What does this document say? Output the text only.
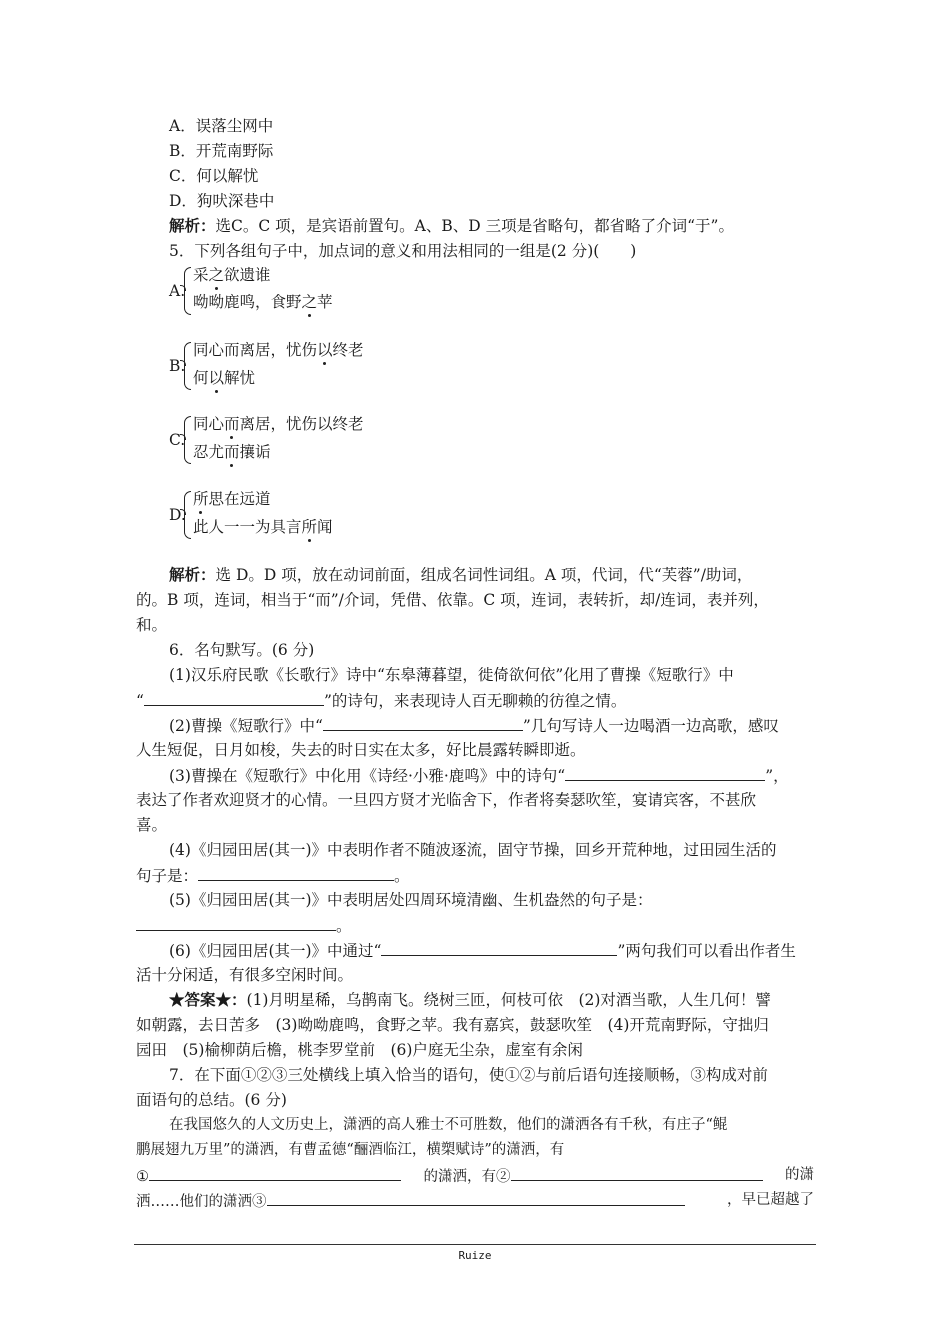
A．误落尘网中
B．开荒南野际
C．何以解忧
D．狗吠深巷中
解析：选C。C 项，是宾语前置句。A、B、D 三项是省略句，都省略了介词“于”。
5．下列各组句子中，加点词的意义和用法相同的一组是(2 分)(　　)
A.
采之欲遗谁
呦呦鹿鸣，食野之苹
B.
同心而离居，忧伤以终老
何以解忧
C.
同心而离居，忧伤以终老
忍尤而攘诟
D.
所思在远道
此人一一为具言所闻
解析：选 D。D 项，放在动词前面，组成名词性词组。A 项，代词，代“芙蓉”/助词，
的。B 项，连词，相当于“而”/介词，凭借、依靠。C 项，连词，表转折，却/连词，表并列，
和。
6．名句默写。(6 分)
(1)汉乐府民歌《长歌行》诗中“东皋薄暮望，徙倚欲何依”化用了曹操《短歌行》中
“	”的诗句，来表现诗人百无聊赖的彷徨之情。
(2)曹操《短歌行》中“	”几句写诗人一边喝酒一边高歌，感叹
人生短促，日月如梭，失去的时日实在太多，好比晨露转瞬即逝。
(3)曹操在《短歌行》中化用《诗经·小雅·鹿鸣》中的诗句“	”，
表达了作者欢迎贤才的心情。一旦四方贤才光临舍下，作者将奏瑟吹笙，宴请宾客，不甚欣
喜。
(4)《归园田居(其一)》中表明作者不随波逐流，固守节操，回乡开荒种地，过田园生活的
句子是：	。
(5)《归园田居(其一)》中表明居处四周环境清幽、生机盎然的句子是：
。
(6)《归园田居(其一)》中通过“	”两句我们可以看出作者生
活十分闲适，有很多空闲时间。
★答案★：(1)月明星稀，乌鹊南飞。绕树三匝，何枝可依　(2)对酒当歌，人生几何！譬
如朝露，去日苦多　(3)呦呦鹿鸣，食野之苹。我有嘉宾，鼓瑟吹笙　(4)开荒南野际，守拙归
园田　(5)榆柳荫后檐，桃李罗堂前　(6)户庭无尘杂，虚室有余闲
7．在下面①②③三处横线上填入恰当的语句，使①②与前后语句连接顺畅，③构成对前
面语句的总结。(6 分)
在我国悠久的人文历史上，潇洒的高人雅士不可胜数，他们的潇洒各有千秋，有庄子“鲲
鹏展翅九万里”的潇洒，有曹孟德“酾酒临江，横槊赋诗”的潇洒，有
①	的潇洒，有②	的潇
洒……他们的潇洒③	，早已超越了
Ruize
